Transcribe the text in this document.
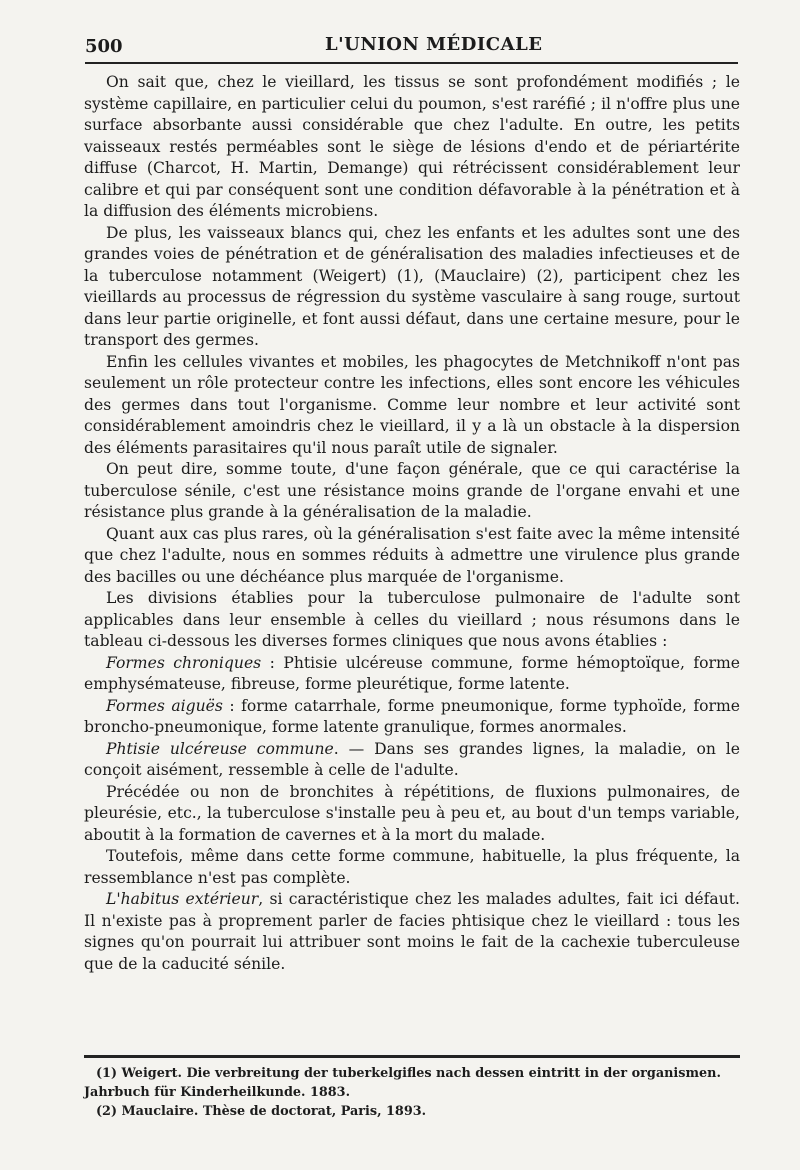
500	L'UNION MÉDICALE

On sait que, chez le vieillard, les tissus se sont profondément modifiés ; le système capillaire, en particulier celui du poumon, s'est raréfié ; il n'offre plus une surface absorbante aussi considérable que chez l'adulte. En outre, les petits vaisseaux restés perméables sont le siège de lésions d'endo et de périartérite diffuse (Charcot, H. Martin, Demange) qui rétrécissent considérablement leur calibre et qui par conséquent sont une condition défavorable à la pénétration et à la diffusion des éléments microbiens.

De plus, les vaisseaux blancs qui, chez les enfants et les adultes sont une des grandes voies de pénétration et de généralisation des maladies infectieuses et de la tuberculose notamment (Weigert) (1), (Mauclaire) (2), participent chez les vieillards au processus de régression du système vasculaire à sang rouge, surtout dans leur partie originelle, et font aussi défaut, dans une certaine mesure, pour le transport des germes.

Enfin les cellules vivantes et mobiles, les phagocytes de Metchnikoff n'ont pas seulement un rôle protecteur contre les infections, elles sont encore les véhicules des germes dans tout l'organisme. Comme leur nombre et leur activité sont considérablement amoindris chez le vieillard, il y a là un obstacle à la dispersion des éléments parasitaires qu'il nous paraît utile de signaler.

On peut dire, somme toute, d'une façon générale, que ce qui caractérise la tuberculose sénile, c'est une résistance moins grande de l'organe envahi et une résistance plus grande à la généralisation de la maladie.

Quant aux cas plus rares, où la généralisation s'est faite avec la même intensité que chez l'adulte, nous en sommes réduits à admettre une virulence plus grande des bacilles ou une déchéance plus marquée de l'organisme.

Les divisions établies pour la tuberculose pulmonaire de l'adulte sont applicables dans leur ensemble à celles du vieillard ; nous résumons dans le tableau ci-dessous les diverses formes cliniques que nous avons établies :

Formes chroniques : Phtisie ulcéreuse commune, forme hémoptoïque, forme emphysémateuse, fibreuse, forme pleurétique, forme latente.

Formes aiguës : forme catarrhale, forme pneumonique, forme typhoïde, forme broncho-pneumonique, forme latente granulique, formes anormales.

Phtisie ulcéreuse commune. — Dans ses grandes lignes, la maladie, on le conçoit aisément, ressemble à celle de l'adulte.

Précédée ou non de bronchites à répétitions, de fluxions pulmonaires, de pleurésie, etc., la tuberculose s'installe peu à peu et, au bout d'un temps variable, aboutit à la formation de cavernes et à la mort du malade.

Toutefois, même dans cette forme commune, habituelle, la plus fréquente, la ressemblance n'est pas complète.

L'habitus extérieur, si caractéristique chez les malades adultes, fait ici défaut. Il n'existe pas à proprement parler de facies phtisique chez le vieillard : tous les signes qu'on pourrait lui attribuer sont moins le fait de la cachexie tuberculeuse que de la caducité sénile.

(1) Weigert. Die verbreitung der tuberkelgifles nach dessen eintritt in der organismen. Jahrbuch für Kinderheilkunde. 1883.

(2) Mauclaire. Thèse de doctorat, Paris, 1893.
